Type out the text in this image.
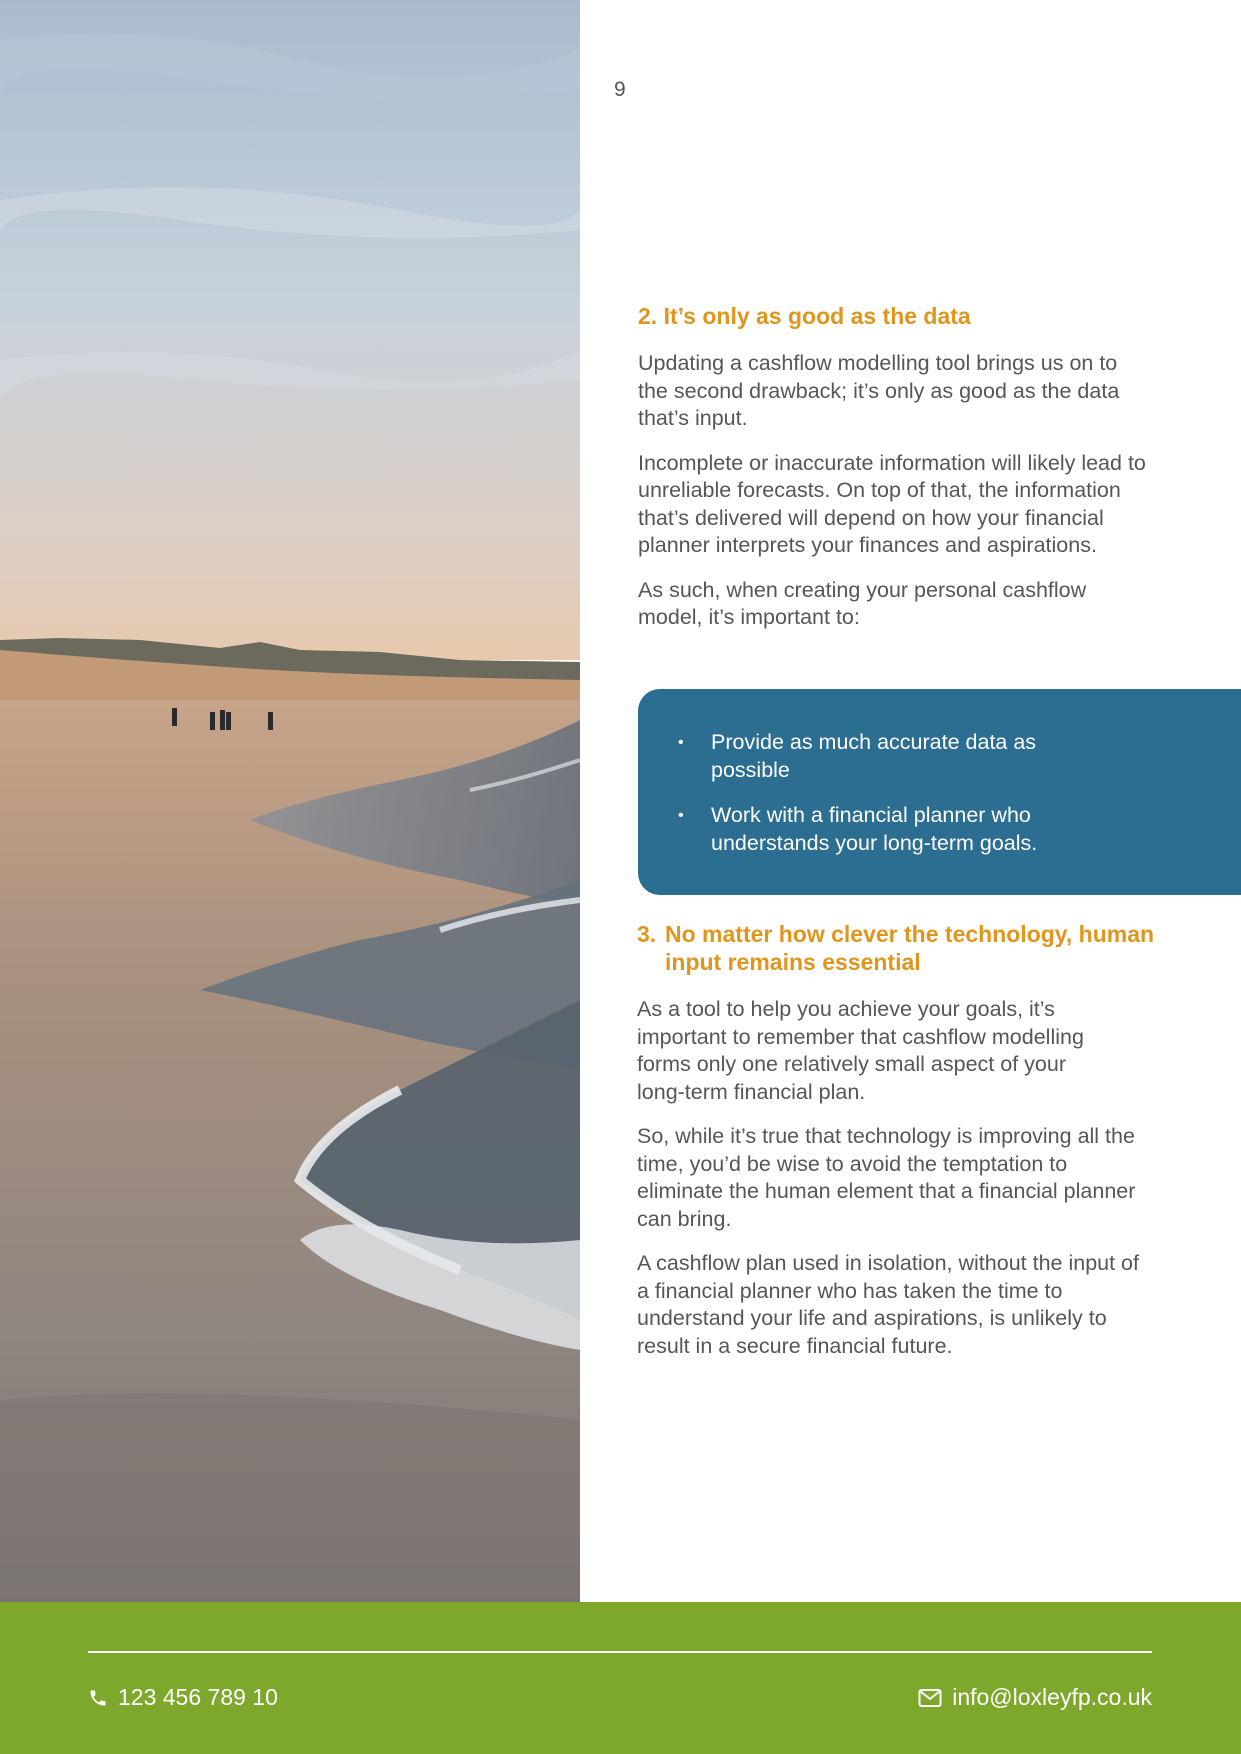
9
2. It’s only as good as the data

Updating a cashflow modelling tool brings us on to the second drawback; it’s only as good as the data that’s input.

Incomplete or inaccurate information will likely lead to unreliable forecasts. On top of that, the information that’s delivered will depend on how your financial planner interprets your finances and aspirations.

As such, when creating your personal cashflow model, it’s important to:

• Provide as much accurate data as possible
• Work with a financial planner who understands your long-term goals.
3. No matter how clever the technology, human input remains essential

As a tool to help you achieve your goals, it’s important to remember that cashflow modelling forms only one relatively small aspect of your long-term financial plan.

So, while it’s true that technology is improving all the time, you’d be wise to avoid the temptation to eliminate the human element that a financial planner can bring.

A cashflow plan used in isolation, without the input of a financial planner who has taken the time to understand your life and aspirations, is unlikely to result in a secure financial future.

123 456 789 10	info@loxleyfp.co.uk
